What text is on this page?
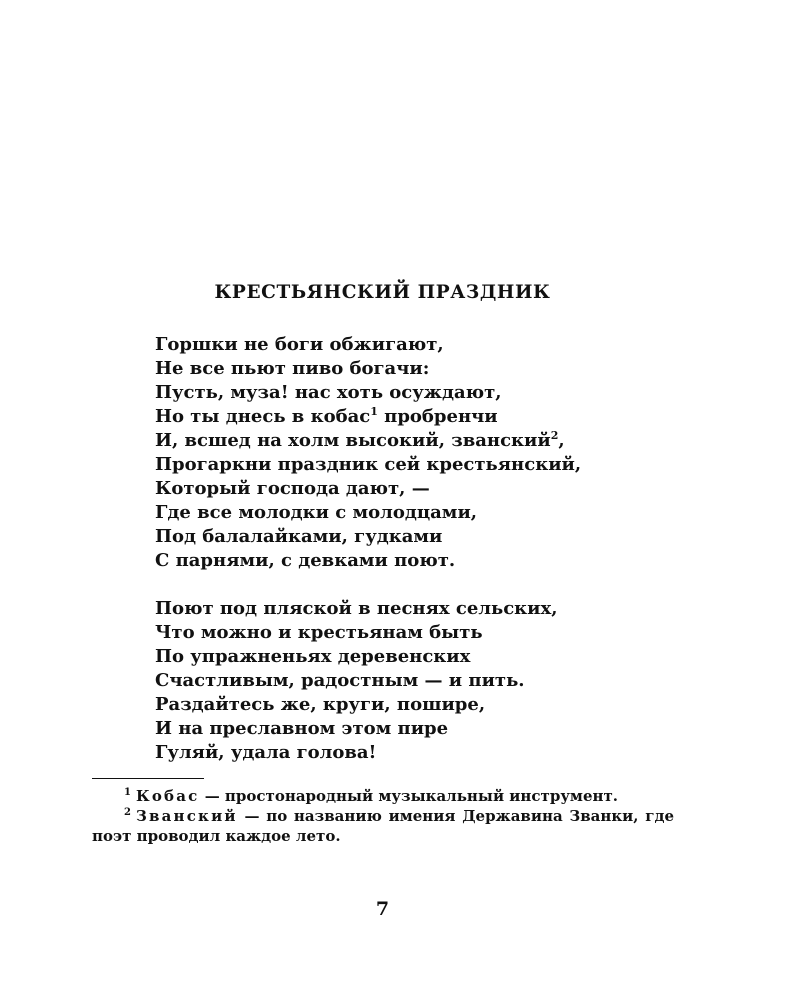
КРЕСТЬЯНСКИЙ ПРАЗДНИК
Горшки не боги обжигают,
Не все пьют пиво богачи:
Пусть, муза! нас хоть осуждают,
Но ты днесь в кобас$^1$ пробренчи
И, всшед на холм высокий, званский$^2$,
Прогаркни праздник сей крестьянский,
Который господа дают, —
Где все молодки с молодцами,
Под балалайками, гудками
С парнями, с девками поют.
Поют под пляской в песнях сельских,
Что можно и крестьянам быть
По упражненьях деревенских
Счастливым, радостным — и пить.
Раздайтесь же, круги, пошире,
И на преславном этом пире
Гуляй, удала голова!

$^1$ Кобас — простонародный музыкальный инструмент.

$^2$ Званский — по названию имения Державина Званки, где поэт проводил каждое лето.

7
